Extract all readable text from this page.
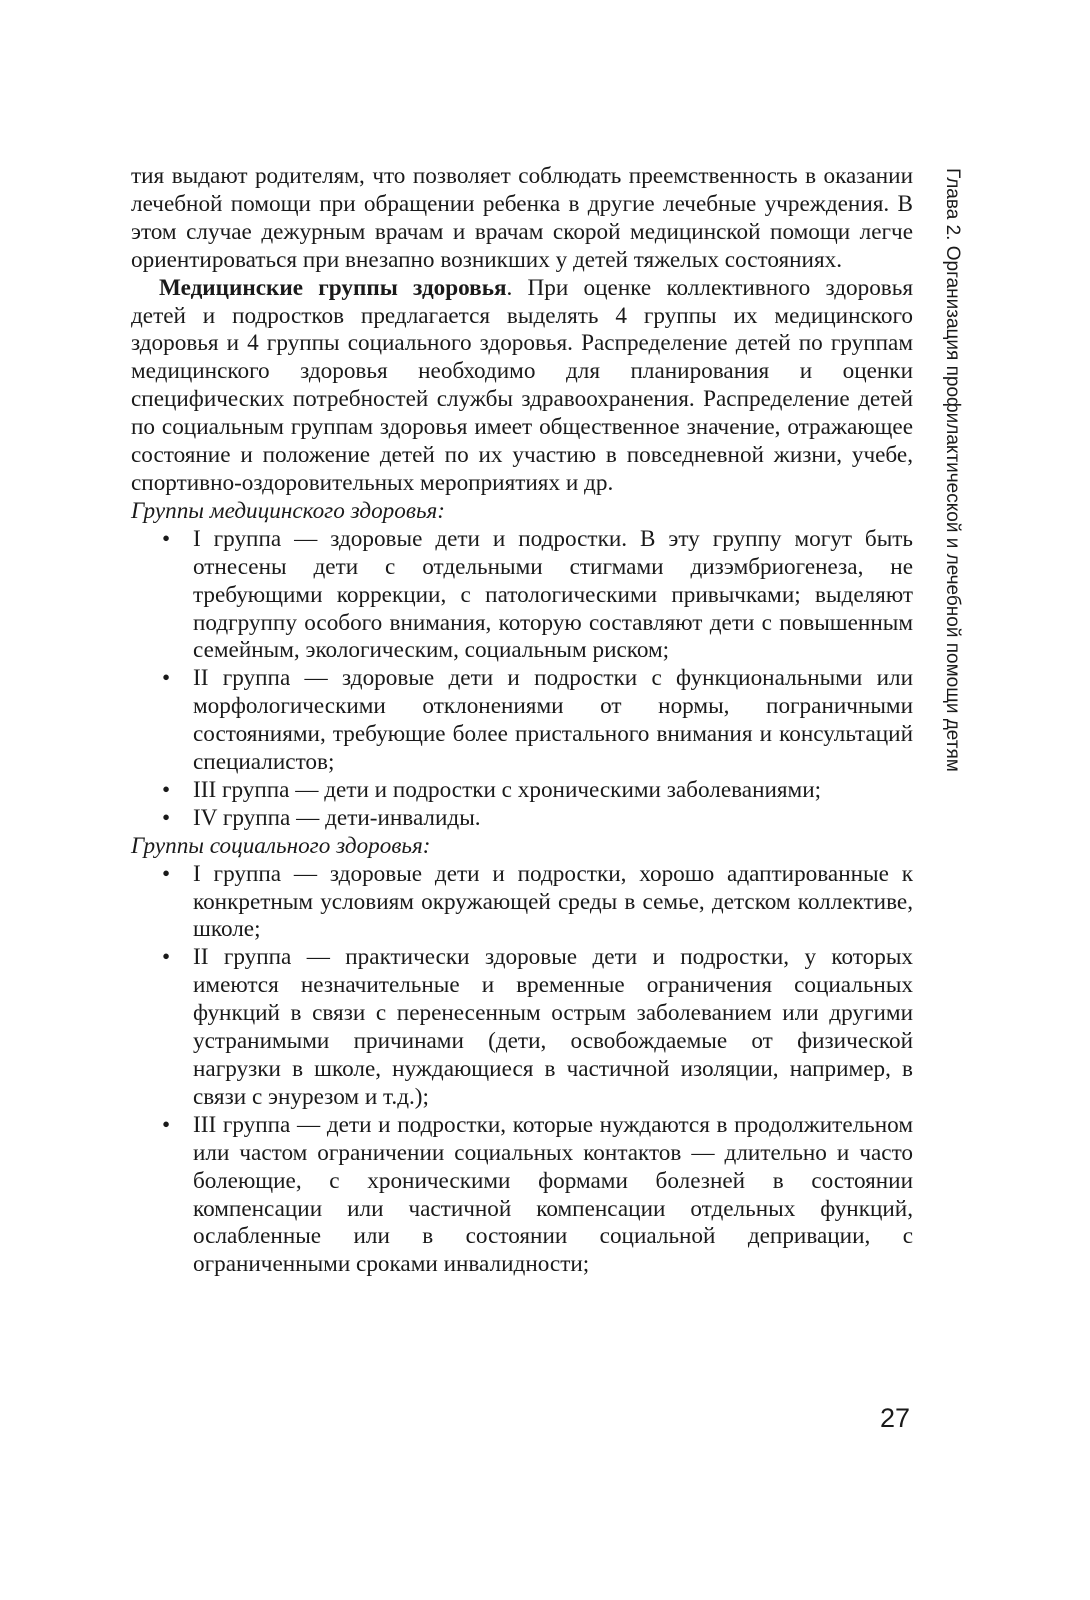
тия выдают родителям, что позволяет соблюдать преемственность в оказании лечебной помощи при обращении ребенка в другие лечебные учреждения. В этом случае дежурным врачам и врачам скорой медицинской помощи легче ориентироваться при внезапно возникших у детей тяжелых состояниях.

Медицинские группы здоровья. При оценке коллективного здоровья детей и подростков предлагается выделять 4 группы их медицинского здоровья и 4 группы социального здоровья. Распределение детей по группам медицинского здоровья необходимо для планирования и оценки специфических потребностей службы здравоохранения. Распределение детей по социальным группам здоровья имеет общественное значение, отражающее состояние и положение детей по их участию в повседневной жизни, учебе, спортивно-оздоровительных мероприятиях и др.

Группы медицинского здоровья:

• I группа — здоровые дети и подростки. В эту группу могут быть отнесены дети с отдельными стигмами дизэмбриогенеза, не требующими коррекции, с патологическими привычками; выделяют подгруппу особого внимания, которую составляют дети с повышенным семейным, экологическим, социальным риском;
• II группа — здоровые дети и подростки с функциональными или морфологическими отклонениями от нормы, пограничными состояниями, требующие более пристального внимания и консультаций специалистов;
• III группа — дети и подростки с хроническими заболеваниями;
• IV группа — дети-инвалиды.

Группы социального здоровья:

• I группа — здоровые дети и подростки, хорошо адаптированные к конкретным условиям окружающей среды в семье, детском коллективе, школе;
• II группа — практически здоровые дети и подростки, у которых имеются незначительные и временные ограничения социальных функций в связи с перенесенным острым заболеванием или другими устранимыми причинами (дети, освобождаемые от физической нагрузки в школе, нуждающиеся в частичной изоляции, например, в связи с энурезом и т.д.);
• III группа — дети и подростки, которые нуждаются в продолжительном или частом ограничении социальных контактов — длительно и часто болеющие, с хроническими формами болезней в состоянии компенсации или частичной компенсации отдельных функций, ослабленные или в состоянии социальной депривации, с ограниченными сроками инвалидности;
Глава 2. Организация профилактической и лечебной помощи детям
27
